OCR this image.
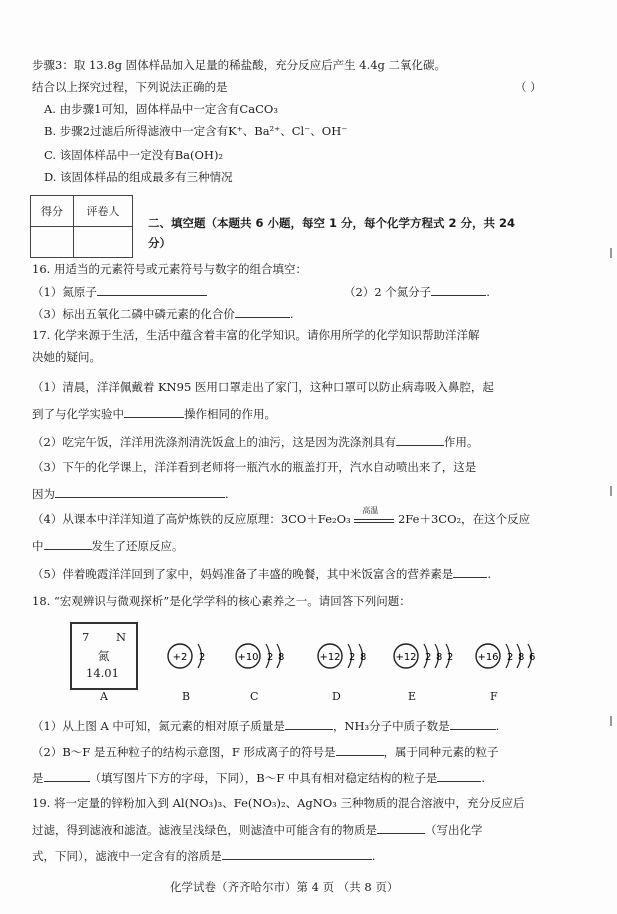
步骤3：取 13.8g 固体样品加入足量的稀盐酸，充分反应后产生 4.4g 二氧化碳。
结合以上探究过程，下列说法正确的是	（ ）
A. 由步骤1可知，固体样品中一定含有CaCO₃
B. 步骤2过滤后所得滤液中一定含有K⁺、Ba²⁺、Cl⁻、OH⁻
C. 该固体样品中一定没有Ba(OH)₂
D. 该固体样品的组成最多有三种情况
得分	评卷人

二、填空题（本题共 6 小题，每空 1 分，每个化学方程式 2 分，共 24
分）
16. 用适当的元素符号或元素符号与数字的组合填空：
（1）氮原子	（2）2 个氮分子	.
（3）标出五氧化二磷中磷元素的化合价	.
17. 化学来源于生活，生活中蕴含着丰富的化学知识。请你用所学的化学知识帮助洋洋解
决她的疑问。
（1）清晨，洋洋佩戴着 KN95 医用口罩走出了家门，这种口罩可以防止病毒吸入鼻腔，起
到了与化学实验中	操作相同的作用。
（2）吃完午饭，洋洋用洗涤剂清洗饭盒上的油污，这是因为洗涤剂具有	作用。
（3）下午的化学课上，洋洋看到老师将一瓶汽水的瓶盖打开，汽水自动喷出来了，这是
因为	.
（4）从课本中洋洋知道了高炉炼铁的反应原理：3CO＋Fe₂O₃
高温
2Fe＋3CO₂，在这个反应
中	发生了还原反应。
（5）伴着晚霞洋洋回到了家中，妈妈准备了丰盛的晚餐，其中米饭富含的营养素是	.
18. “宏观辨识与微观探析”是化学学科的核心素养之一。请回答下列问题：
7 N
氮
14.01
A
+2 2
B
+10 2 8
C
+12 2 8
D
+12 2 8 2
E
+16 2 8 6
F
（1）从上图 A 中可知，氮元素的相对原子质量是	，NH₃分子中质子数是	.
（2）B～F 是五种粒子的结构示意图，F 形成离子的符号是	，属于同种元素的粒子
是	（填写图片下方的字母，下同），B～F 中具有相对稳定结构的粒子是	.
19. 将一定量的锌粉加入到 Al(NO₃)₃、Fe(NO₃)₂、AgNO₃ 三种物质的混合溶液中，充分反应后
过滤，得到滤液和滤渣。滤液呈浅绿色，则滤渣中可能含有的物质是	（写出化学
式，下同），滤液中一定含有的溶质是	.
化学试卷（齐齐哈尔市）第 4 页 （共 8 页）
